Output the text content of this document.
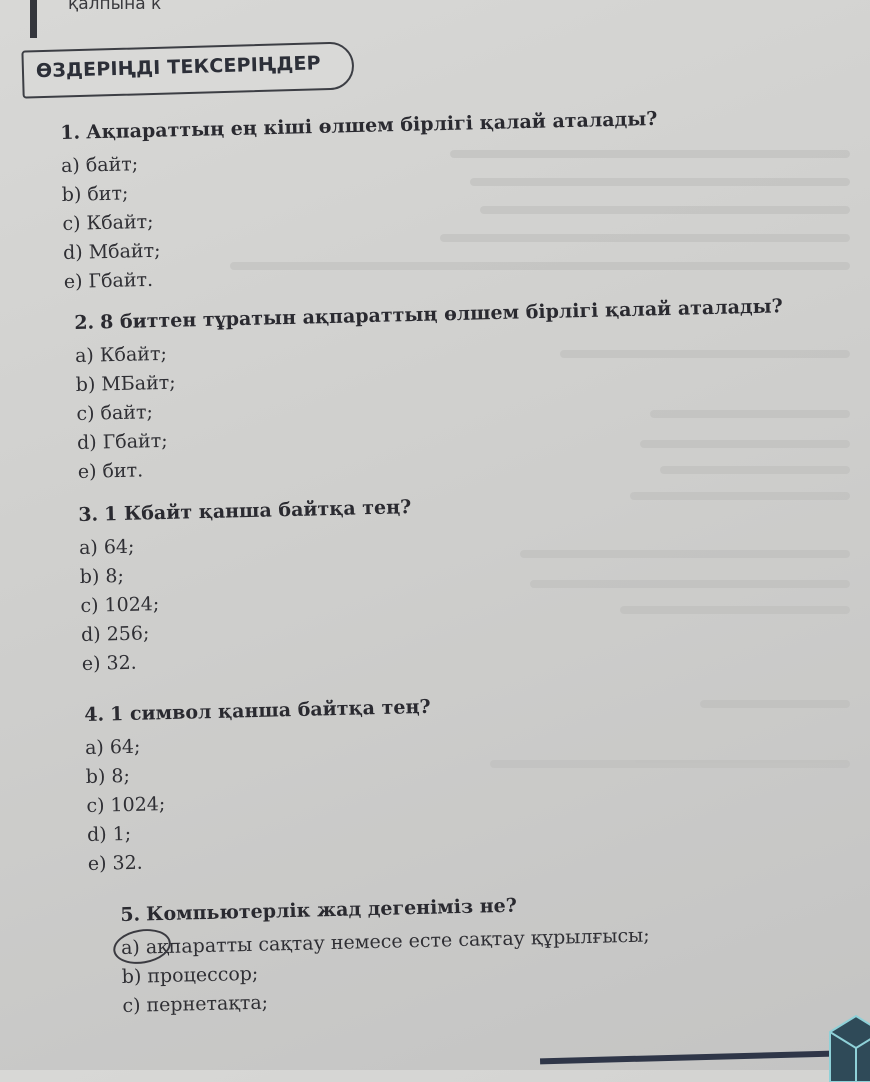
қалпына к
ӨЗДЕРІҢДІ ТЕКСЕРІҢДЕР
1. Ақпараттың ең кіші өлшем бірлігі қалай аталады?
a) байт;
b) бит;
c) Кбайт;
d) Мбайт;
e) Гбайт.
2. 8 биттен тұратын ақпараттың өлшем бірлігі қалай аталады?
a) Кбайт;
b) МБайт;
c) байт;
d) Гбайт;
e) бит.
3. 1 Кбайт қанша байтқа тең?
a) 64;
b) 8;
c) 1024;
d) 256;
e) 32.
4. 1 символ қанша байтқа тең?
a) 64;
b) 8;
c) 1024;
d) 1;
e) 32.
5. Компьютерлік жад дегеніміз не?
a) ақпаратты сақтау немесе есте сақтау құрылғысы;
b) процессор;
c) пернетақта;
